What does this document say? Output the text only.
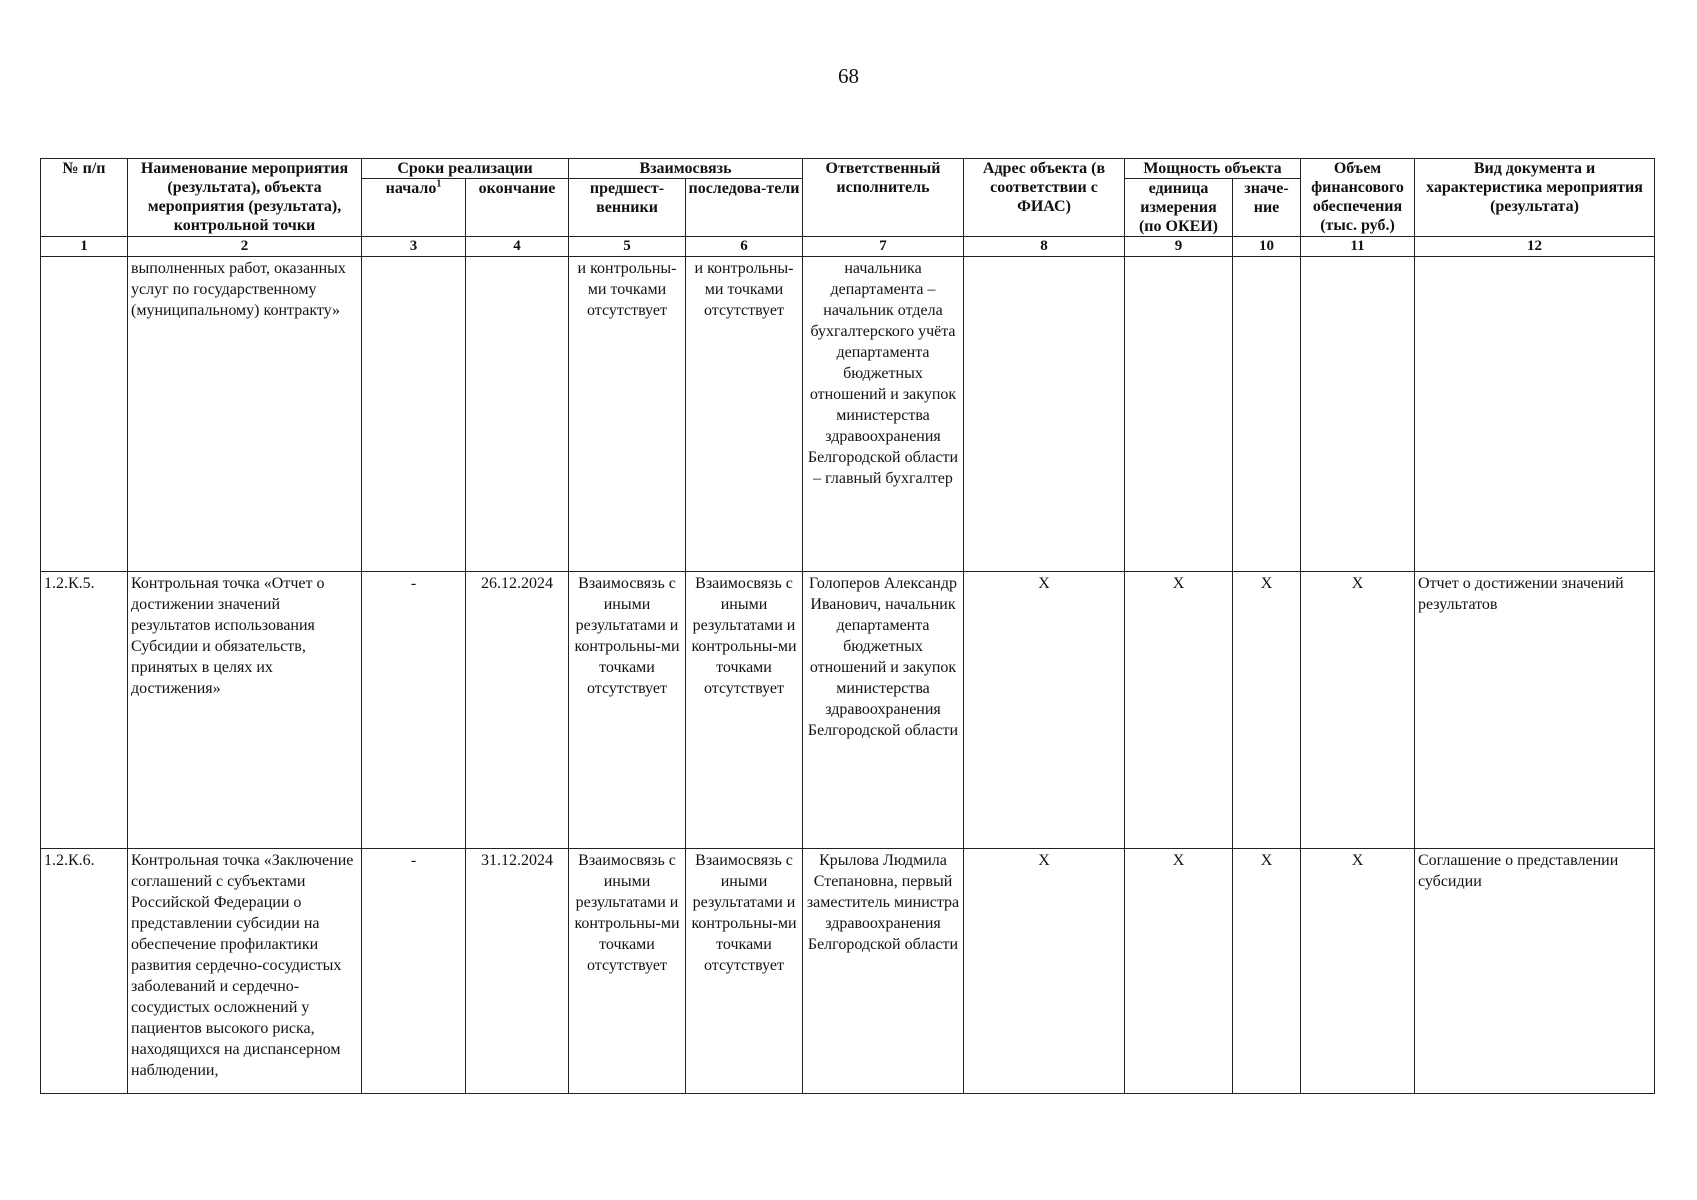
68
№ п/п	Наименование мероприятия (результата), объекта мероприятия (результата), контрольной точки	Сроки реализации		Взаимосвязь		Ответственный исполнитель	Адрес объекта (в соответствии с ФИАС)	Мощность объекта		Объем финансового обеспечения (тыс. руб.)	Вид документа и характеристика мероприятия (результата)
		начало$^1$	окончание	предшест-венники	последова-тели			единица измерения (по ОКЕИ)	значе-ние		
1	2	3	4	5	6	7	8	9	10	11	12
	выполненных работ, оказанных услуг по государственному (муниципальному) контракту»			и контрольны-ми точками отсутствует	и контрольны-ми точками отсутствует	начальника департамента – начальник отдела бухгалтерского учёта департамента бюджетных отношений и закупок министерства здравоохранения Белгородской области – главный бухгалтер					
1.2.К.5.	Контрольная точка «Отчет о достижении значений результатов использования Субсидии и обязательств, принятых в целях их достижения»	-	26.12.2024	Взаимосвязь с иными результатами и контрольны-ми точками отсутствует	Взаимосвязь с иными результатами и контрольны-ми точками отсутствует	Голоперов Александр Иванович, начальник департамента бюджетных отношений и закупок министерства здравоохранения Белгородской области	X	X	X	X	Отчет о достижении значений результатов
1.2.К.6.	Контрольная точка «Заключение соглашений с субъектами Российской Федерации о представлении субсидии на обеспечение профилактики развития сердечно-сосудистых заболеваний и сердечно-сосудистых осложнений у пациентов высокого риска, находящихся на диспансерном наблюдении,	-	31.12.2024	Взаимосвязь с иными результатами и контрольны-ми точками отсутствует	Взаимосвязь с иными результатами и контрольны-ми точками отсутствует	Крылова Людмила Степановна, первый заместитель министра здравоохранения Белгородской области	X	X	X	X	Соглашение о представлении субсидии
